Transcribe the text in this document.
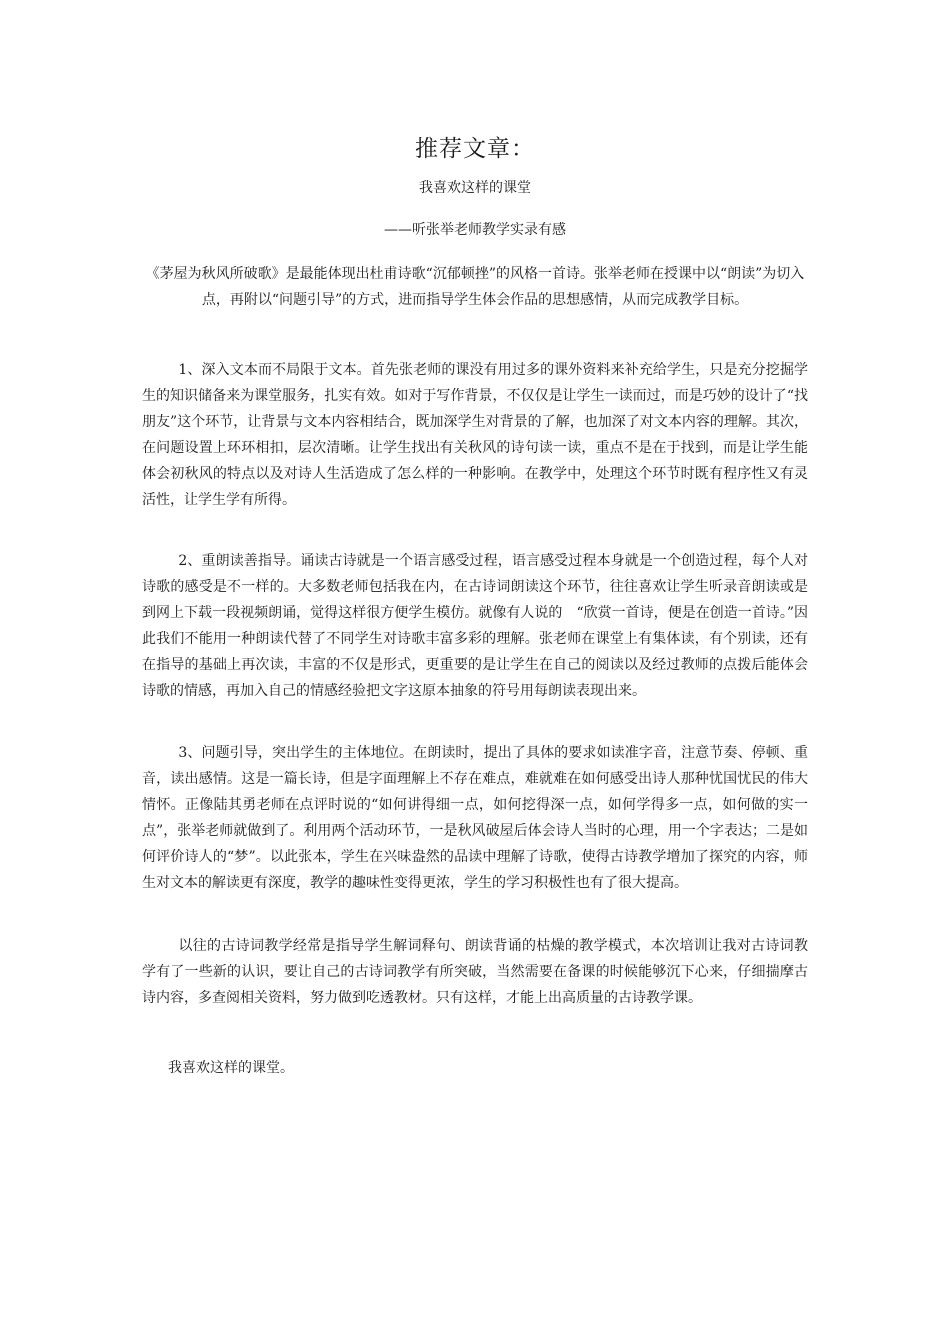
推荐文章：
我喜欢这样的课堂
——听张举老师教学实录有感
《茅屋为秋风所破歌》是最能体现出杜甫诗歌“沉郁顿挫”的风格一首诗。张举老师在授课中以“朗读”为切入点，再附以“问题引导”的方式，进而指导学生体会作品的思想感情，从而完成教学目标。
1、深入文本而不局限于文本。首先张老师的课没有用过多的课外资料来补充给学生，只是充分挖掘学生的知识储备来为课堂服务，扎实有效。如对于写作背景，不仅仅是让学生一读而过，而是巧妙的设计了“找朋友”这个环节，让背景与文本内容相结合，既加深学生对背景的了解，也加深了对文本内容的理解。其次，在问题设置上环环相扣，层次清晰。让学生找出有关秋风的诗句读一读，重点不是在于找到，而是让学生能体会初秋风的特点以及对诗人生活造成了怎么样的一种影响。在教学中，处理这个环节时既有程序性又有灵活性，让学生学有所得。
2、重朗读善指导。诵读古诗就是一个语言感受过程，语言感受过程本身就是一个创造过程，每个人对诗歌的感受是不一样的。大多数老师包括我在内，在古诗词朗读这个环节，往往喜欢让学生听录音朗读或是到网上下载一段视频朗诵，觉得这样很方便学生模仿。就像有人说的　“欣赏一首诗，便是在创造一首诗。”因此我们不能用一种朗读代替了不同学生对诗歌丰富多彩的理解。张老师在课堂上有集体读，有个别读，还有在指导的基础上再次读，丰富的不仅是形式，更重要的是让学生在自己的阅读以及经过教师的点拨后能体会诗歌的情感，再加入自己的情感经验把文字这原本抽象的符号用每朗读表现出来。
3、问题引导，突出学生的主体地位。在朗读时，提出了具体的要求如读准字音，注意节奏、停顿、重音，读出感情。这是一篇长诗，但是字面理解上不存在难点，难就难在如何感受出诗人那种忧国忧民的伟大情怀。正像陆其勇老师在点评时说的“如何讲得细一点，如何挖得深一点，如何学得多一点，如何做的实一点”，张举老师就做到了。利用两个活动环节，一是秋风破屋后体会诗人当时的心理，用一个字表达；二是如何评价诗人的“梦”。以此张本，学生在兴味盎然的品读中理解了诗歌，使得古诗教学增加了探究的内容，师生对文本的解读更有深度，教学的趣味性变得更浓，学生的学习积极性也有了很大提高。
以往的古诗词教学经常是指导学生解词释句、朗读背诵的枯燥的教学模式，本次培训让我对古诗词教学有了一些新的认识，要让自己的古诗词教学有所突破，当然需要在备课的时候能够沉下心来，仔细揣摩古诗内容，多查阅相关资料，努力做到吃透教材。只有这样，才能上出高质量的古诗教学课。
我喜欢这样的课堂。
